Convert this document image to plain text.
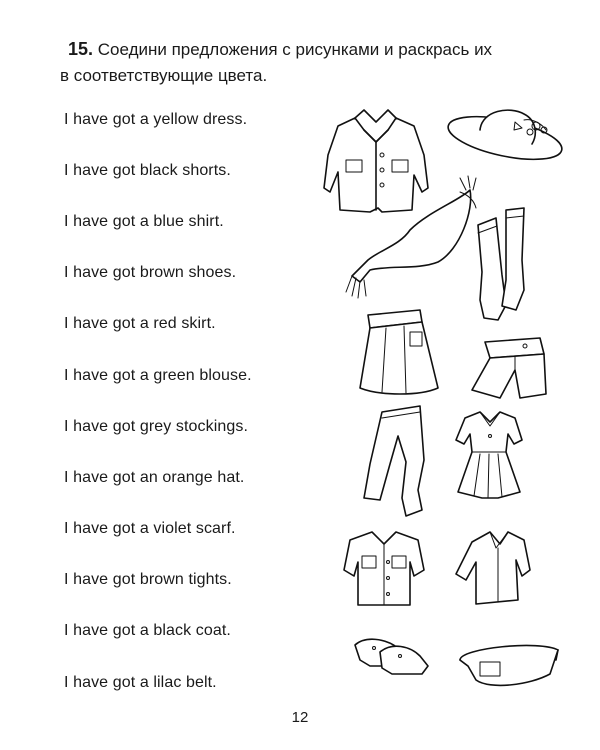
15. Соедини предложения с рисунками и раскрась их
в соответствующие цвета.
I have got a yellow dress.
I have got black shorts.
I have got a blue shirt.
I have got brown shoes.
I have got a red skirt.
I have got a green blouse.
I have got grey stockings.
I have got an orange hat.
I have got a violet scarf.
I have got brown tights.
I have got a black coat.
I have got a lilac belt.
12
